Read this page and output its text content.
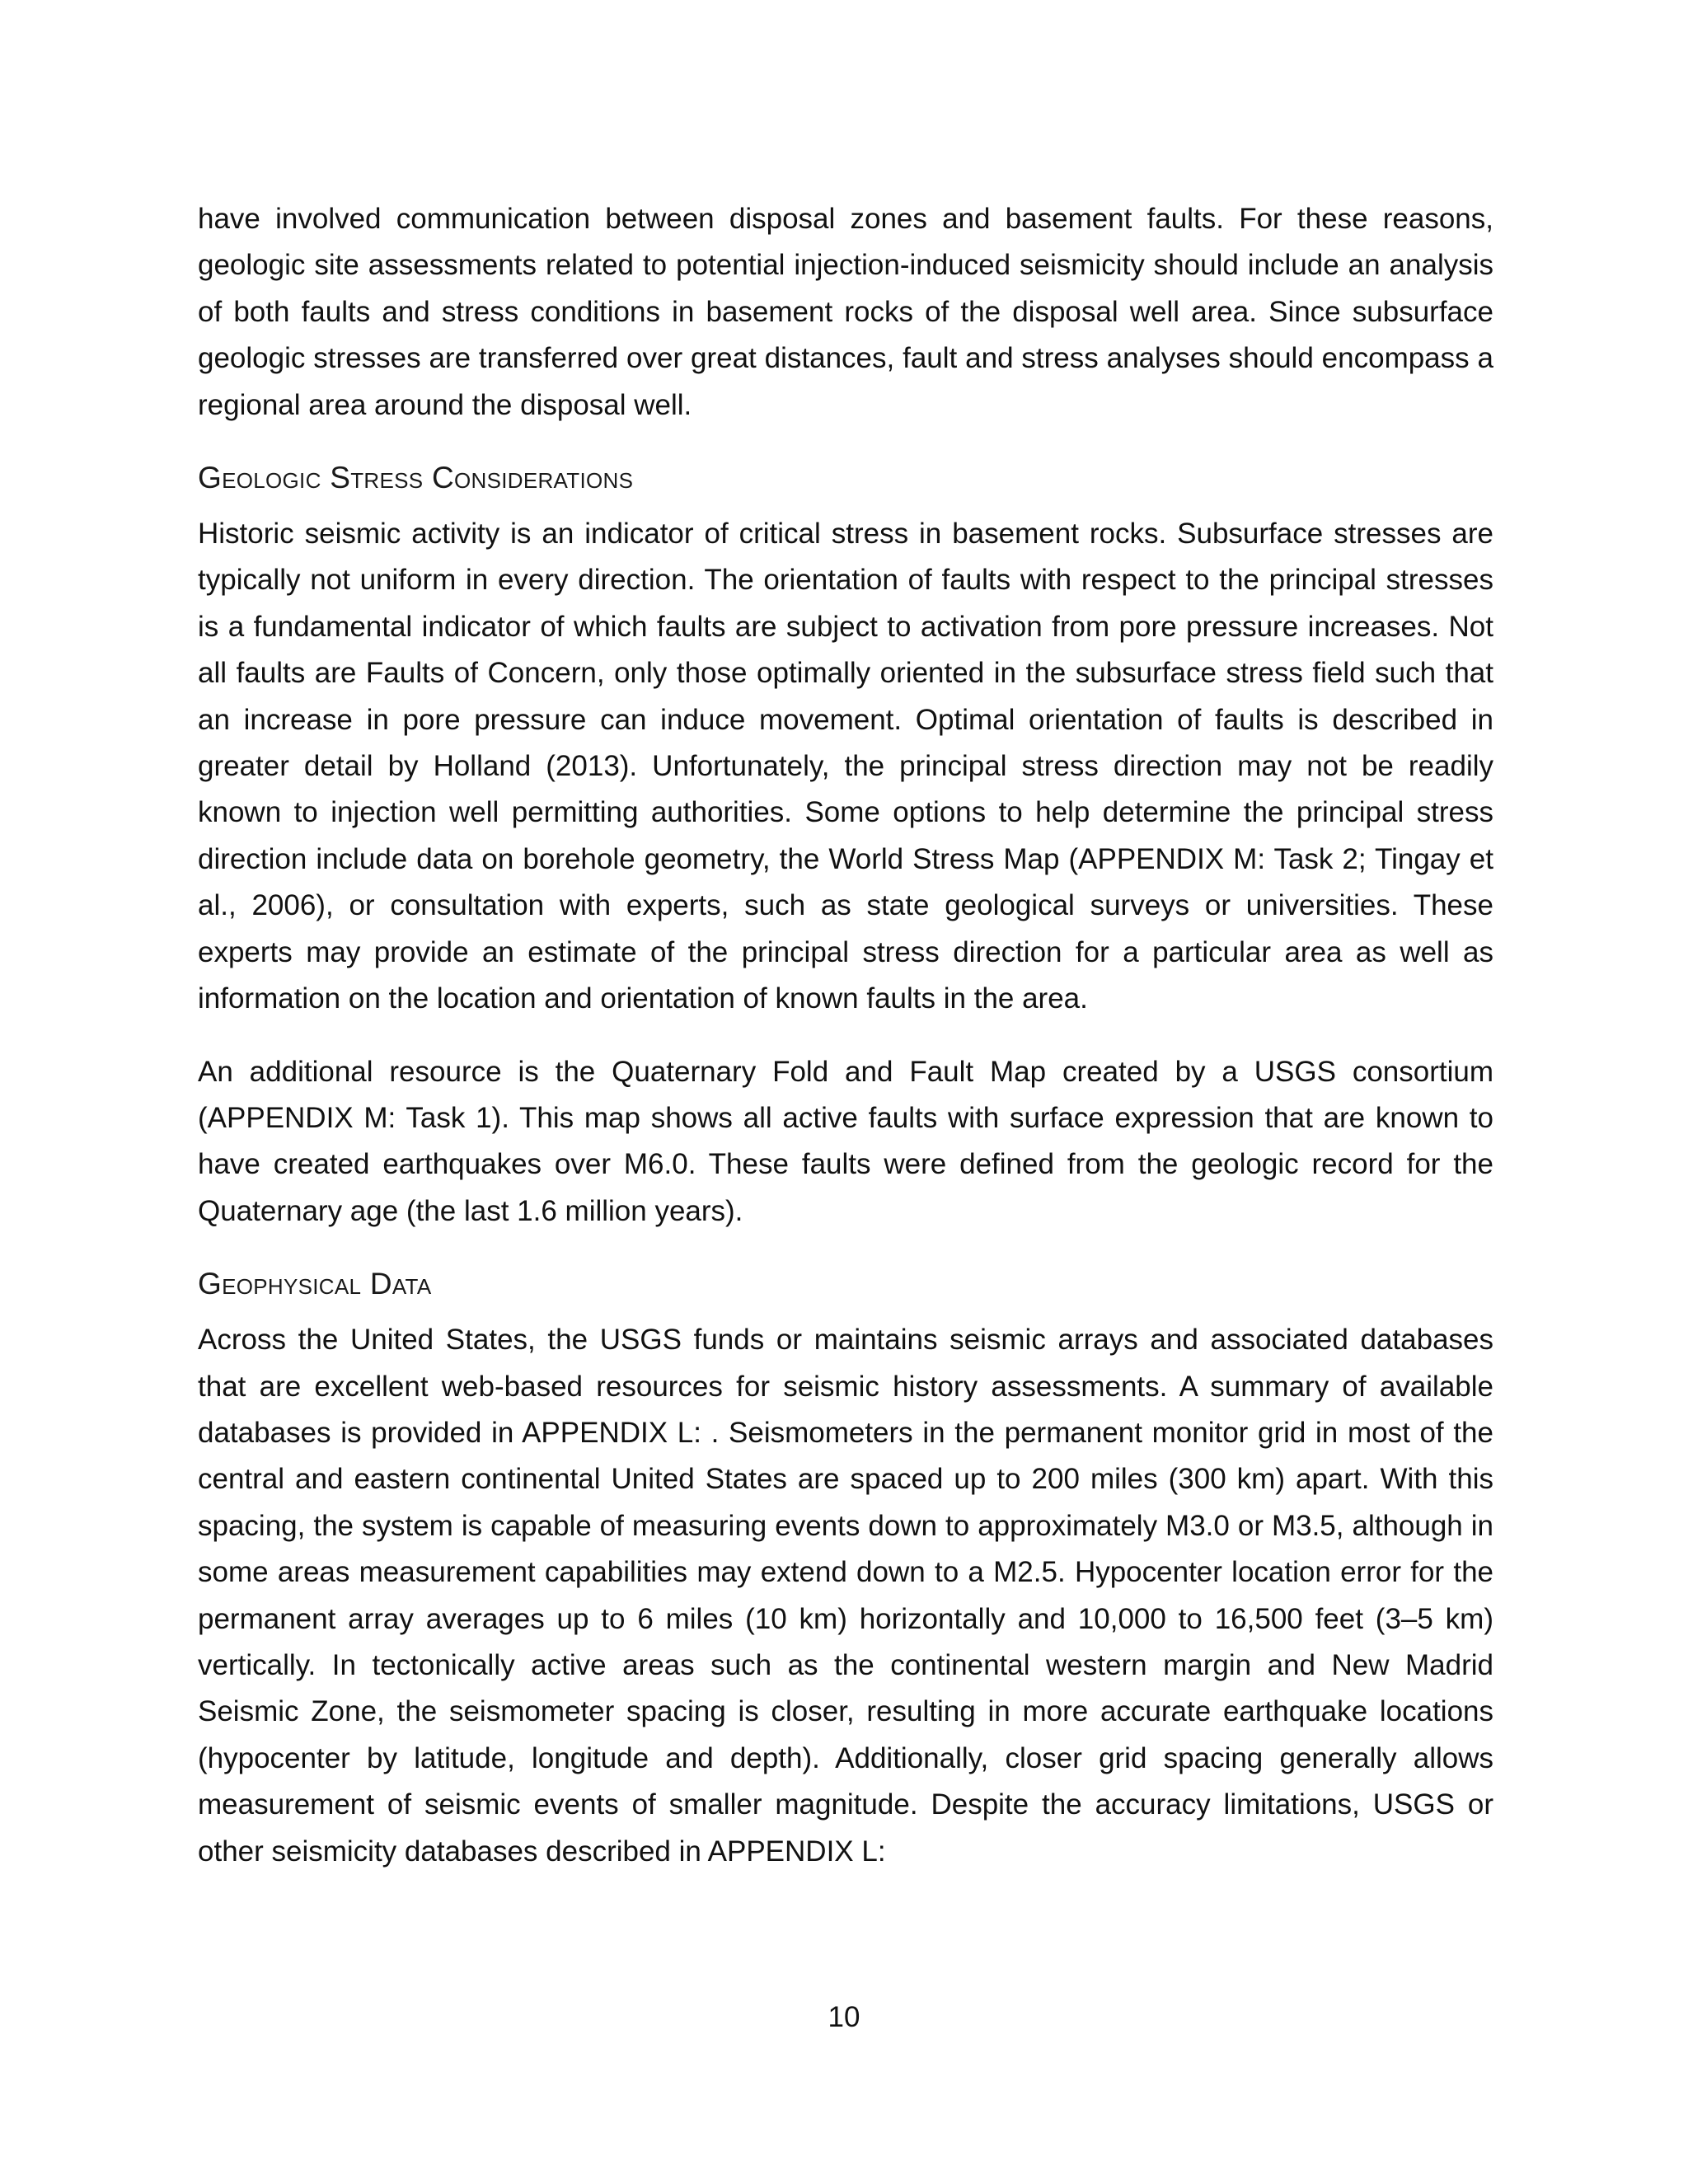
have involved communication between disposal zones and basement faults. For these reasons, geologic site assessments related to potential injection-induced seismicity should include an analysis of both faults and stress conditions in basement rocks of the disposal well area. Since subsurface geologic stresses are transferred over great distances, fault and stress analyses should encompass a regional area around the disposal well.

Geologic Stress Considerations

Historic seismic activity is an indicator of critical stress in basement rocks. Subsurface stresses are typically not uniform in every direction. The orientation of faults with respect to the principal stresses is a fundamental indicator of which faults are subject to activation from pore pressure increases. Not all faults are Faults of Concern, only those optimally oriented in the subsurface stress field such that an increase in pore pressure can induce movement. Optimal orientation of faults is described in greater detail by Holland (2013). Unfortunately, the principal stress direction may not be readily known to injection well permitting authorities. Some options to help determine the principal stress direction include data on borehole geometry, the World Stress Map (APPENDIX M: Task 2; Tingay et al., 2006), or consultation with experts, such as state geological surveys or universities. These experts may provide an estimate of the principal stress direction for a particular area as well as information on the location and orientation of known faults in the area.

An additional resource is the Quaternary Fold and Fault Map created by a USGS consortium (APPENDIX M: Task 1). This map shows all active faults with surface expression that are known to have created earthquakes over M6.0. These faults were defined from the geologic record for the Quaternary age (the last 1.6 million years).

Geophysical Data

Across the United States, the USGS funds or maintains seismic arrays and associated databases that are excellent web-based resources for seismic history assessments. A summary of available databases is provided in APPENDIX L: . Seismometers in the permanent monitor grid in most of the central and eastern continental United States are spaced up to 200 miles (300 km) apart. With this spacing, the system is capable of measuring events down to approximately M3.0 or M3.5, although in some areas measurement capabilities may extend down to a M2.5. Hypocenter location error for the permanent array averages up to 6 miles (10 km) horizontally and 10,000 to 16,500 feet (3–5 km) vertically. In tectonically active areas such as the continental western margin and New Madrid Seismic Zone, the seismometer spacing is closer, resulting in more accurate earthquake locations (hypocenter by latitude, longitude and depth). Additionally, closer grid spacing generally allows measurement of seismic events of smaller magnitude. Despite the accuracy limitations, USGS or other seismicity databases described in APPENDIX L:

10
